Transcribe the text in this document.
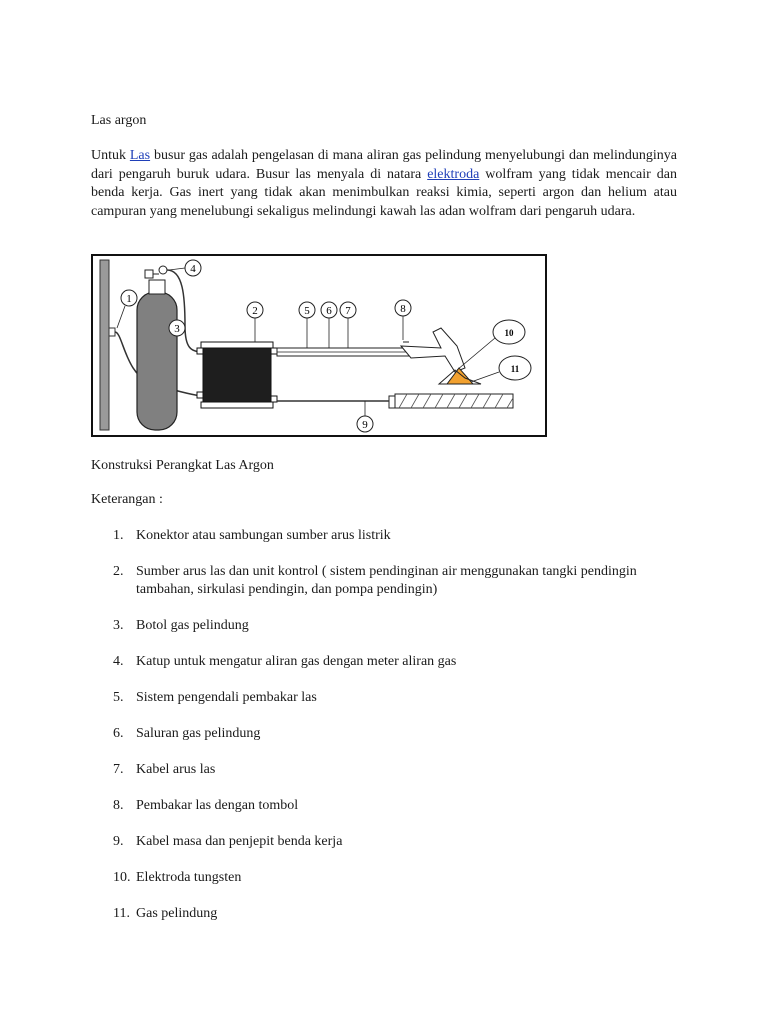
Las argon

Untuk Las busur gas adalah pengelasan di mana aliran gas pelindung menyelubungi dan melindunginya dari pengaruh buruk udara. Busur las menyala di natara elektroda wolfram yang tidak mencair dan benda kerja. Gas inert yang tidak akan menimbulkan reaksi kimia, seperti argon dan helium atau campuran yang menelubungi sekaligus melindungi kawah las adan wolfram dari pengaruh udara.

1
2
3
4
5 6 7	8
9
10
11
Konstruksi Perangkat Las Argon
Keterangan :
1. Konektor atau sambungan sumber arus listrik
2. Sumber arus las dan unit kontrol ( sistem pendinginan air menggunakan tangki pendingin tambahan, sirkulasi pendingin, dan pompa pendingin)
3. Botol gas pelindung
4. Katup untuk mengatur aliran gas dengan meter aliran gas
5. Sistem pengendali pembakar las
6. Saluran gas pelindung
7. Kabel arus las
8. Pembakar las dengan tombol
9. Kabel masa dan penjepit benda kerja
10. Elektroda tungsten
11. Gas pelindung
